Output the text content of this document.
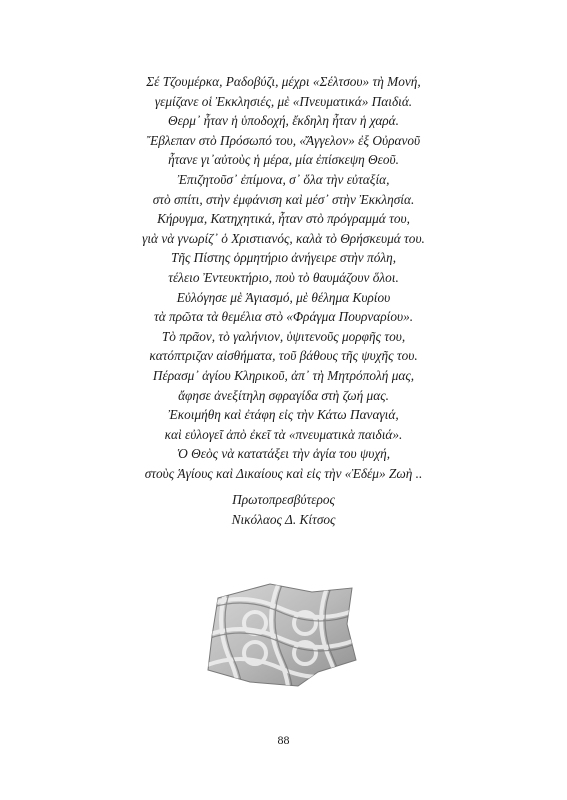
Σέ Τζουμέρκα, Ραδοβύζι, μέχρι «Σέλτσου» τὴ Μονή,
γεμίζανε οἱ Ἐκκλησιές, μὲ «Πνευματικά» Παιδιά.
Θερμ᾽ ἦταν ἡ ὑποδοχή, ἔκδηλη ἦταν ἡ χαρά.
Ἔβλεπαν στὸ Πρόσωπό του, «Ἄγγελον» ἐξ Οὐρανοῦ
ἦτανε γι᾽αὐτοὺς ἡ μέρα, μία ἐπίσκεψη Θεοῦ.
Ἐπιζητοῦσ᾽ ἐπίμονα, σ᾽ ὅλα τὴν εὐταξία,
στὸ σπίτι, στὴν ἐμφάνιση καὶ μέσ᾽ στὴν Ἐκκλησία.
Κήρυγμα, Κατηχητικά, ἦταν στὸ πρόγραμμά του,
γιὰ νὰ γνωρίζ᾽ ὁ Χριστιανός, καλὰ τὸ Θρήσκευμά του.
Τῆς Πίστης ὁρμητήριο ἀνήγειρε στὴν πόλη,
τέλειο Ἐντευκτήριο, ποὺ τὸ θαυμάζουν ὅλοι.
Εὐλόγησε μὲ Ἁγιασμό, μὲ θέλημα Κυρίου
τὰ πρῶτα τὰ θεμέλια στὸ «Φράγμα Πουρναρίου».
Τὸ πρᾶον, τὸ γαλήνιον, ὑψιτενοῦς μορφῆς του,
κατόπτριζαν αἰσθήματα, τοῦ βάθους τῆς ψυχῆς του.
Πέρασμ᾽ ἁγίου Κληρικοῦ, ἀπ᾽ τὴ Μητρόπολή μας,
ἄφησε ἀνεξίτηλη σφραγίδα στὴ ζωή μας.
Ἐκοιμήθη καὶ ἐτάφη εἰς τὴν Κάτω Παναγιά,
καὶ εὐλογεῖ ἀπὸ ἐκεῖ τὰ «πνευματικὰ παιδιά».
Ὁ Θεὸς νὰ κατατάξει τὴν ἁγία του ψυχή,
στοὺς Ἁγίους καὶ Δικαίους καὶ εἰς τὴν «Ἐδέμ» Ζωὴ ..
Πρωτοπρεσβύτερος
Νικόλαος Δ. Κίτσος
88
